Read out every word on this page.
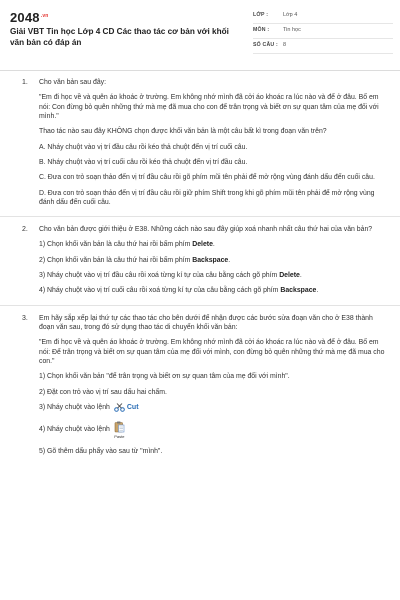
$2048^{.vn}$
Giải VBT Tin học Lớp 4 CD Các thao tác cơ bản với khối văn bản có đáp án
LỚP :	Lớp 4
MÔN :	Tin học
SỐ CÂU : 8
1. Cho văn bản sau đây:

"Em đi học về và quên áo khoác ở trường. Em không nhớ mình đã cởi áo khoác ra lúc nào và để ở đâu. Bố em nói: Con đừng bỏ quên những thứ mà mẹ đã mua cho con để trân trọng và biết ơn sự quan tâm của mẹ đối với mình."

Thao tác nào sau đây KHÔNG chọn được khối văn bản là một câu bất kì trong đoạn văn trên?

A. Nháy chuột vào vị trí đầu câu rồi kéo thả chuột đến vị trí cuối câu.

B. Nháy chuột vào vị trí cuối câu rồi kéo thả chuột đến vị trí đầu câu.

C. Đưa con trỏ soạn thảo đến vị trí đầu câu rồi gõ phím mũi tên phải để mở rộng vùng đánh dấu đến cuối câu.

D. Đưa con trỏ soạn thảo đến vị trí đầu câu rồi giữ phím Shift trong khi gõ phím mũi tên phải để mở rộng vùng đánh dấu đến cuối câu.

2. Cho văn bản được giới thiệu ở E38. Những cách nào sau đây giúp xoá nhanh nhất câu thứ hai của văn bản?

1) Chọn khối văn bản là câu thứ hai rồi bấm phím Delete.

2) Chọn khối văn bản là câu thứ hai rồi bấm phím Backspace.

3) Nháy chuột vào vị trí đầu câu rồi xoá từng kí tự của câu bằng cách gõ phím Delete.

4) Nháy chuột vào vị trí cuối câu rồi xoá từng kí tự của câu bằng cách gõ phím Backspace.

3. Em hãy sắp xếp lại thứ tự các thao tác cho bên dưới để nhận được các bước sửa đoạn văn cho ở E38 thành đoạn văn sau, trong đó sử dụng thao tác di chuyển khối văn bản:

"Em đi học về và quên áo khoác ở trường. Em không nhớ mình đã cởi áo khoác ra lúc nào và để ở đâu. Bố em nói: Để trân trọng và biết ơn sự quan tâm của mẹ đối với mình, con đừng bỏ quên những thứ mà mẹ đã mua cho con."

1) Chọn khối văn bản "để trân trọng và biết ơn sự quan tâm của mẹ đối với mình".

2) Đặt con trỏ vào vị trí sau dấu hai chấm.

3) Nháy chuột vào lệnh Cut
4) Nháy chuột vào lệnh
Paste

5) Gõ thêm dấu phẩy vào sau từ "mình".
